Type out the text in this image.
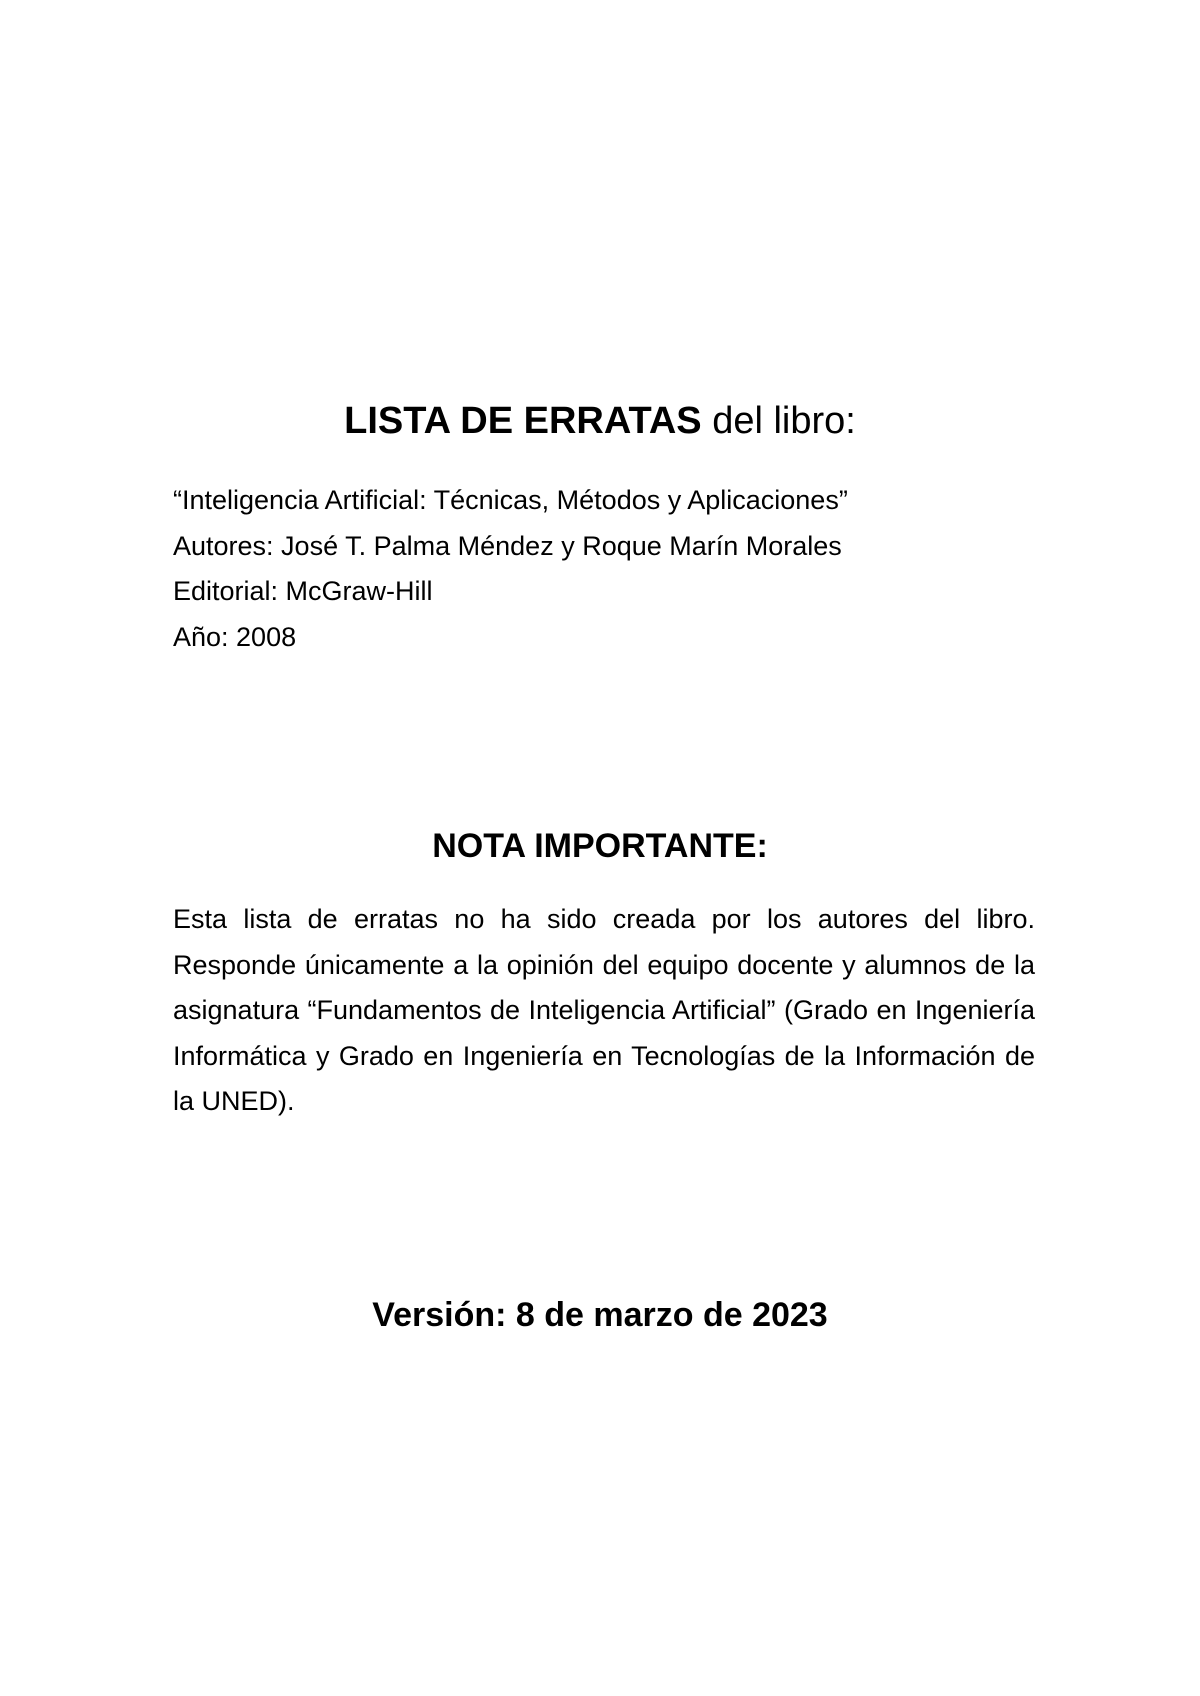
LISTA DE ERRATAS del libro:
“Inteligencia Artificial: Técnicas, Métodos y Aplicaciones”
Autores: José T. Palma Méndez y Roque Marín Morales
Editorial: McGraw-Hill
Año: 2008
NOTA IMPORTANTE:
Esta lista de erratas no ha sido creada por los autores del libro. Responde únicamente a la opinión del equipo docente y alumnos de la asignatura “Fundamentos de Inteligencia Artificial” (Grado en Ingeniería Informática y Grado en Ingeniería en Tecnologías de la Información de la UNED).
Versión: 8 de marzo de 2023
